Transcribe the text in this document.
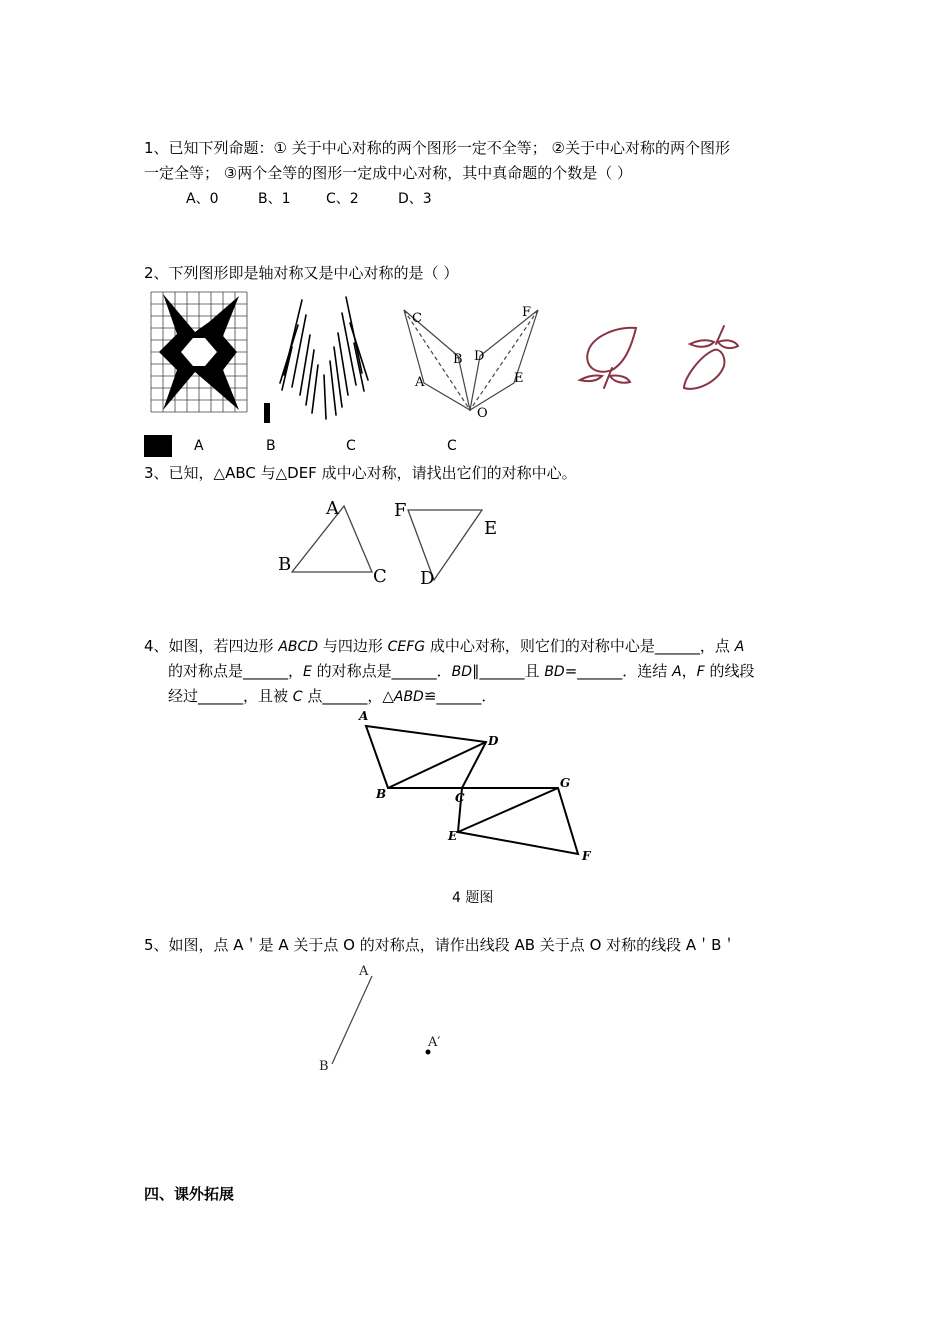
1、已知下列命题：① 关于中心对称的两个图形一定不全等； ②关于中心对称的两个图形
一定全等； ③两个全等的图形一定成中心对称，其中真命题的个数是（ ）
A、0	B、1	C、2	D、3
2、下列图形即是轴对称又是中心对称的是（ ）
C
B
A
D
E
F
O
A	B	C	C
3、已知，△ABC 与△DEF 成中心对称，请找出它们的对称中心。
A
B
C
F
E
D
4、如图，若四边形 ABCD 与四边形 CEFG 成中心对称，则它们的对称中心是______，点 A
的对称点是______，E 的对称点是______．BD∥______且 BD=______．连结 A，F 的线段
经过______，且被 C 点______，△ABD≌______．
A
D
B	C
G
E
F
4 题图
5、如图，点 A＇是 A 关于点 O 的对称点，请作出线段 AB 关于点 O 对称的线段 A＇B＇
A
B
A′
四、课外拓展
